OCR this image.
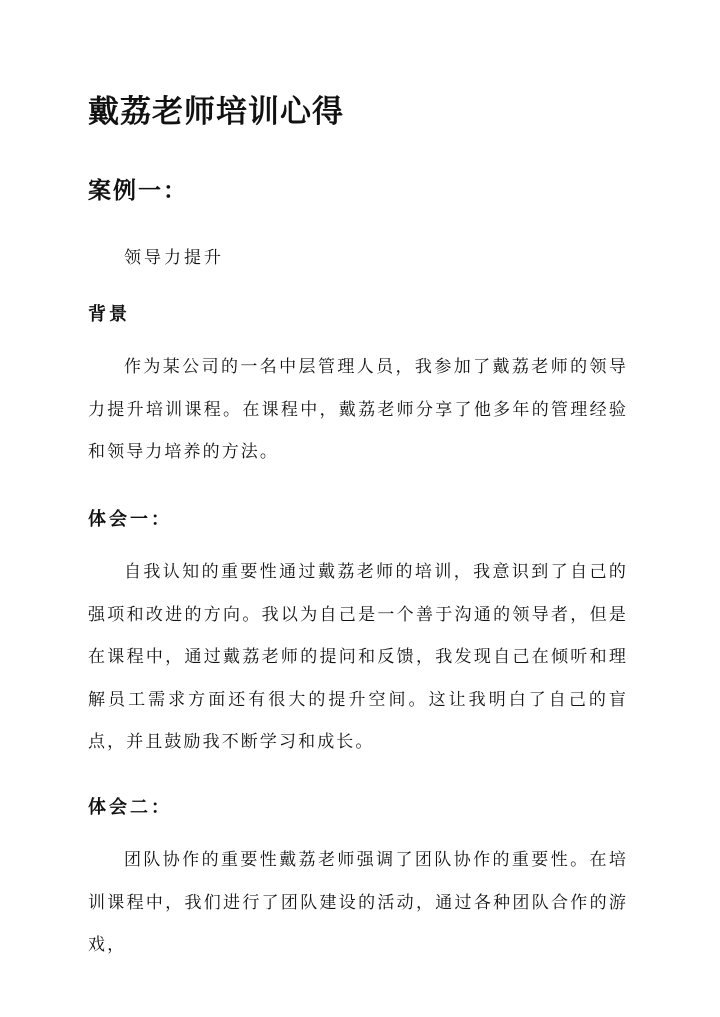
戴荔老师培训心得
案例一：
领导力提升
背景

作为某公司的一名中层管理人员，我参加了戴荔老师的领导力提升培训课程。在课程中，戴荔老师分享了他多年的管理经验和领导力培养的方法。

体会一：

自我认知的重要性通过戴荔老师的培训，我意识到了自己的强项和改进的方向。我以为自己是一个善于沟通的领导者，但是在课程中，通过戴荔老师的提问和反馈，我发现自己在倾听和理解员工需求方面还有很大的提升空间。这让我明白了自己的盲点，并且鼓励我不断学习和成长。

体会二：

团队协作的重要性戴荔老师强调了团队协作的重要性。在培训课程中，我们进行了团队建设的活动，通过各种团队合作的游戏，
